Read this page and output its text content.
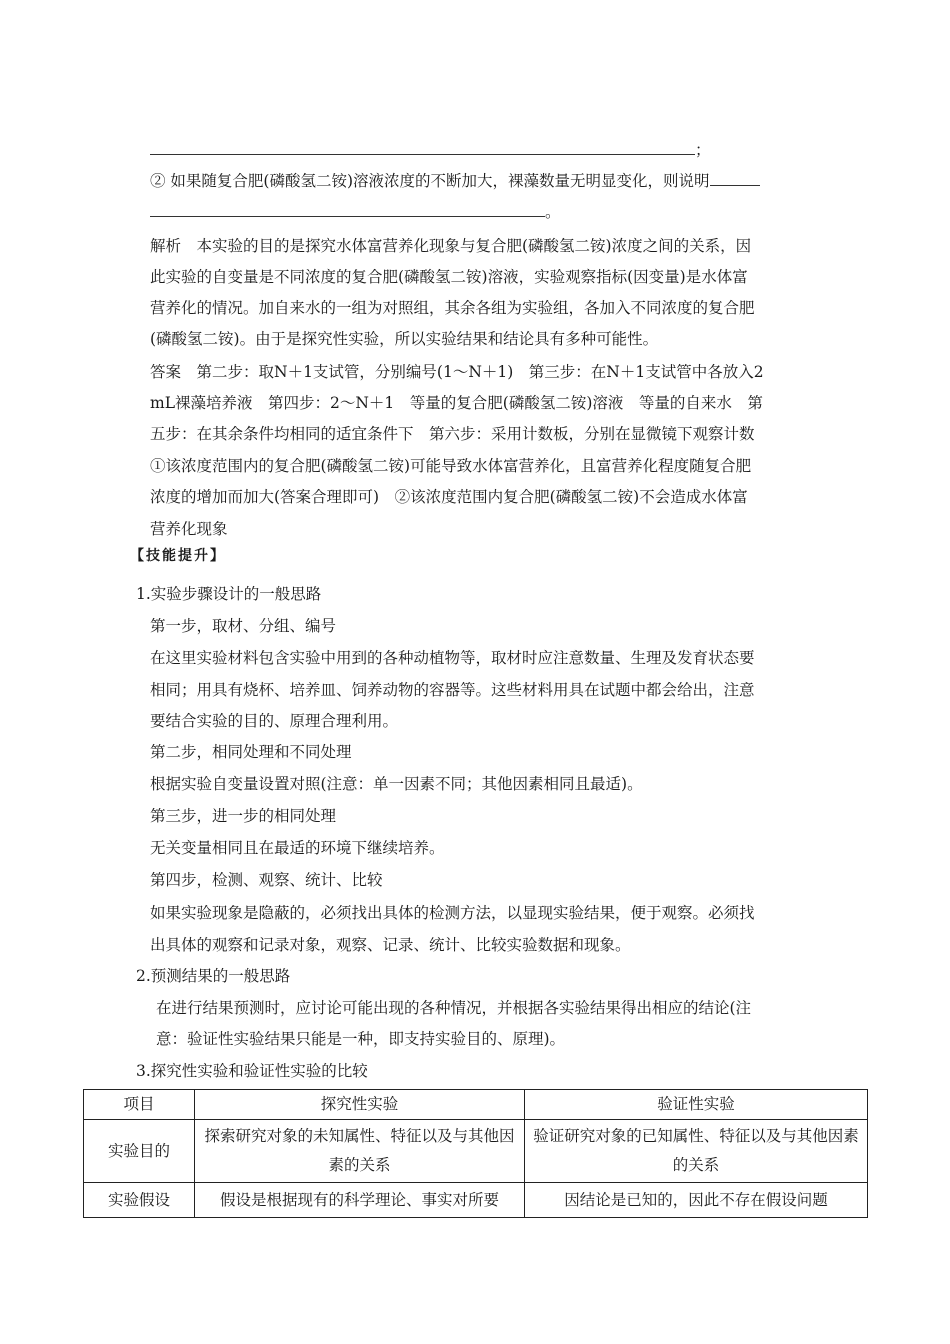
；
② 如果随复合肥(磷酸氢二铵)溶液浓度的不断加大，裸藻数量无明显变化，则说明
。
解析　本实验的目的是探究水体富营养化现象与复合肥(磷酸氢二铵)浓度之间的关系，因
此实验的自变量是不同浓度的复合肥(磷酸氢二铵)溶液，实验观察指标(因变量)是水体富
营养化的情况。加自来水的一组为对照组，其余各组为实验组，各加入不同浓度的复合肥
(磷酸氢二铵)。由于是探究性实验，所以实验结果和结论具有多种可能性。
答案　第二步：取N＋1支试管，分别编号(1～N＋1)　第三步：在N＋1支试管中各放入2
mL裸藻培养液　第四步：2～N＋1　等量的复合肥(磷酸氢二铵)溶液　等量的自来水　第
五步：在其余条件均相同的适宜条件下　第六步：采用计数板，分别在显微镜下观察计数
①该浓度范围内的复合肥(磷酸氢二铵)可能导致水体富营养化，且富营养化程度随复合肥
浓度的增加而加大(答案合理即可)　②该浓度范围内复合肥(磷酸氢二铵)不会造成水体富
营养化现象
【技能提升】
1.实验步骤设计的一般思路
第一步，取材、分组、编号
在这里实验材料包含实验中用到的各种动植物等，取材时应注意数量、生理及发育状态要
相同；用具有烧杯、培养皿、饲养动物的容器等。这些材料用具在试题中都会给出，注意
要结合实验的目的、原理合理利用。
第二步，相同处理和不同处理
根据实验自变量设置对照(注意：单一因素不同；其他因素相同且最适)。
第三步，进一步的相同处理
无关变量相同且在最适的环境下继续培养。
第四步，检测、观察、统计、比较
如果实验现象是隐蔽的，必须找出具体的检测方法，以显现实验结果，便于观察。必须找
出具体的观察和记录对象，观察、记录、统计、比较实验数据和现象。
2.预测结果的一般思路
在进行结果预测时，应讨论可能出现的各种情况，并根据各实验结果得出相应的结论(注
意：验证性实验结果只能是一种，即支持实验目的、原理)。
3.探究性实验和验证性实验的比较
项目	探究性实验	验证性实验
实验目的	探索研究对象的未知属性、特征以及与其他因素的关系	验证研究对象的已知属性、特征以及与其他因素的关系
实验假设	假设是根据现有的科学理论、事实对所要	因结论是已知的，因此不存在假设问题
